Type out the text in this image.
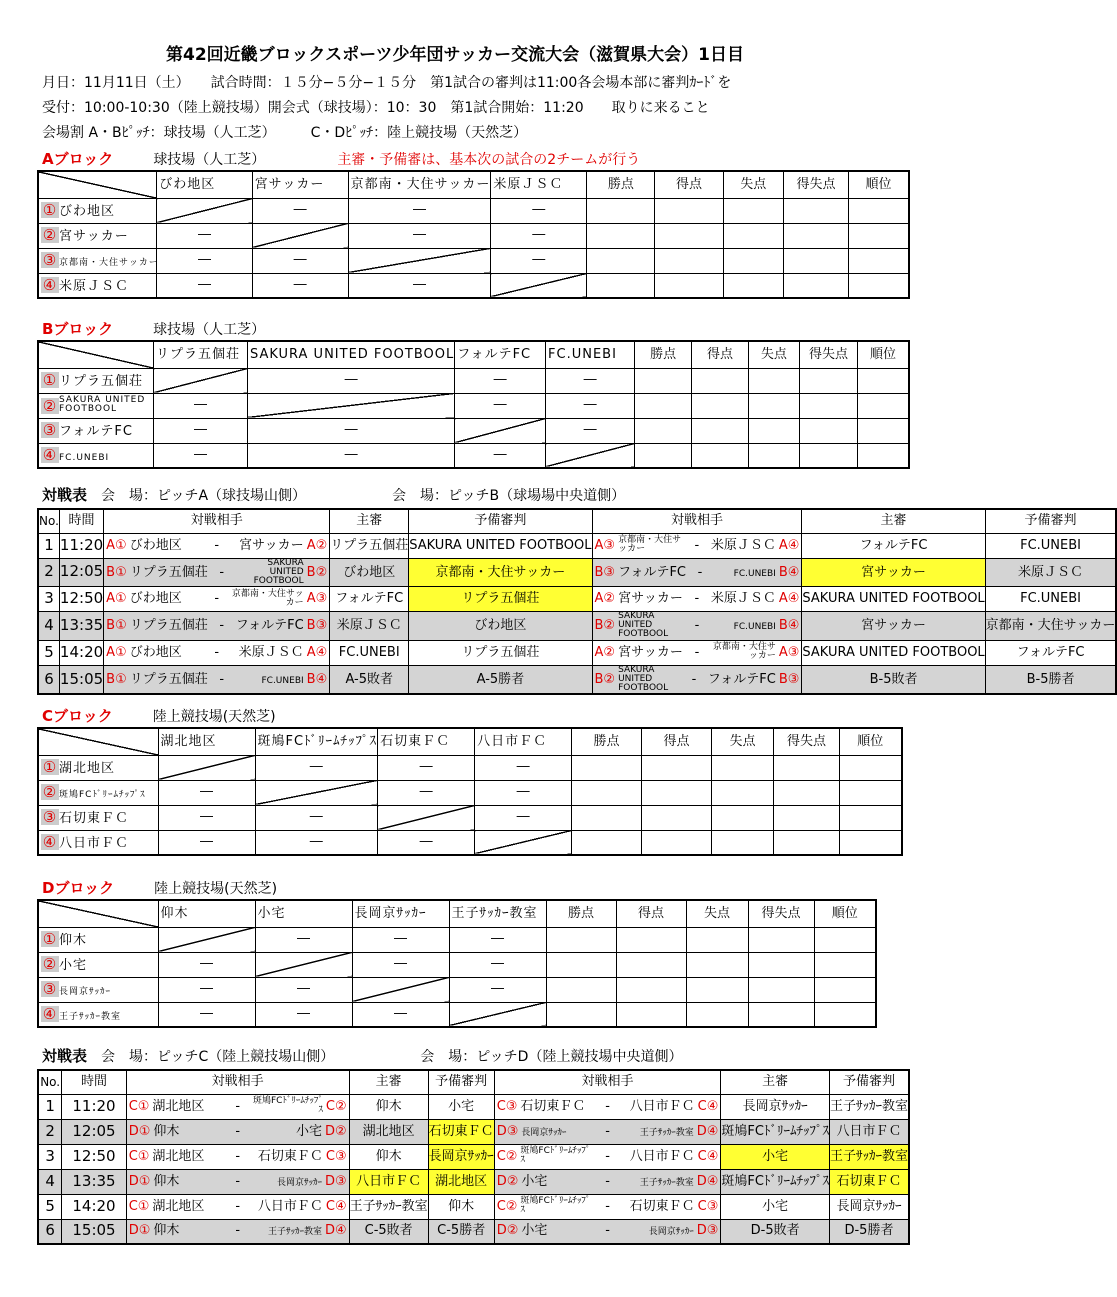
第42回近畿ブロックスポーツ少年団サッカー交流大会（滋賀県大会）1日目
月日：11月11日（土）　　試合時間：１５分−５分−１５分　第1試合の審判は11:00各会場本部に審判ｶｰﾄﾞを
受付：10:00-10:30（陸上競技場）開会式（球技場）：10：30　第1試合開始：11:20　　取りに来ること
会場割 A・Bﾋﾟｯﾁ：球技場（人工芝）　　　C・Dﾋﾟｯﾁ：陸上競技場（天然芝）
Aブロック	球技場（人工芝）	主審・予備審は、基本次の試合の2チームが行う
	びわ地区	宮サッカー	京都南・大住サッカー	米原ＪＳＣ	勝点	得点	失点	得失点	順位
① びわ地区		―	―	―					
② 宮サッカー	―		―	―					
③ 京都南・大住サッカー	―	―		―					
④ 米原ＪＳＣ	―	―	―						
Bブロック	球技場（人工芝）
	リプラ五個荘	SAKURA UNITED FOOTBOOL	フォルテFC	FC.UNEBI	勝点	得点	失点	得失点	順位
① リプラ五個荘		―	―	―					
② SAKURA UNITED FOOTBOOL	―		―	―					
③ フォルテFC	―	―		―					
④ FC.UNEBI	―	―	―						
Cブロック	陸上競技場(天然芝)
	湖北地区	斑鳩FCﾄﾞﾘｰﾑﾁｯﾌﾟｽ	石切東ＦＣ	八日市ＦＣ	勝点	得点	失点	得失点	順位
① 湖北地区		―	―	―					
② 斑鳩FCﾄﾞﾘｰﾑﾁｯﾌﾟｽ	―		―	―					
③ 石切東ＦＣ	―	―		―					
④ 八日市ＦＣ	―	―	―						
Dブロック	陸上競技場(天然芝)
	仰木	小宅	長岡京ｻｯｶｰ	王子ｻｯｶｰ教室	勝点	得点	失点	得失点	順位
① 仰木		―	―	―					
② 小宅	―		―	―					
③ 長岡京ｻｯｶｰ	―	―		―					
④ 王子ｻｯｶｰ教室	―	―	―						
対戦表 会　場：ピッチA（球技場山側）	会　場：ピッチB（球場場中央道側）
No.	時間	対戦相手	主審	予備審判	対戦相手	主審	予備審判
1	11:20	A① びわ地区 - 宮サッカー A②	リプラ五個荘	SAKURA UNITED FOOTBOOL	A③ 京都南・大住サッカー - 米原ＪＳＣ A④	フォルテFC	FC.UNEBI
2	12:05	B① リプラ五個荘 -
SAKURA UNITED FOOTBOOL
B②	びわ地区	京都南・大住サッカー	B③ フォルテFC - FC.UNEBI B④	宮サッカー	米原ＪＳＣ
3	12:50	A① びわ地区 - 京都南・大住サッカー A③	フォルテFC	リプラ五個荘	A② 宮サッカー - 米原ＪＳＣ A④	SAKURA UNITED FOOTBOOL	FC.UNEBI
4	13:35	B① リプラ五個荘 - フォルテFC B③	米原ＪＳＣ	びわ地区	B②
SAKURA UNITED FOOTBOOL
- FC.UNEBI B④	宮サッカー	京都南・大住サッカー
5	14:20	A① びわ地区 - 米原ＪＳＣ A④	FC.UNEBI	リプラ五個荘	A② 宮サッカー - 京都南・大住サッカー A③	SAKURA UNITED FOOTBOOL	フォルテFC
6	15:05	B① リプラ五個荘 - FC.UNEBI B④	A-5敗者	A-5勝者	B②
SAKURA UNITED FOOTBOOL
- フォルテFC B③	B-5敗者	B-5勝者
対戦表 会　場：ピッチC（陸上競技場山側）	会　場：ピッチD（陸上競技場中央道側）
No.	時間	対戦相手	主審	予備審判	対戦相手	主審	予備審判
1	11:20	C① 湖北地区 - 斑鳩FCﾄﾞﾘｰﾑﾁｯﾌﾟｽ C②	仰木	小宅	C③ 石切東ＦＣ - 八日市ＦＣ C④	長岡京ｻｯｶｰ	王子ｻｯｶｰ教室
2	12:05	D① 仰木 - 小宅 D②	湖北地区	石切東ＦＣ	D③ 長岡京ｻｯｶｰ - 王子ｻｯｶｰ教室 D④	斑鳩FCﾄﾞﾘｰﾑﾁｯﾌﾟｽ	八日市ＦＣ
3	12:50	C① 湖北地区 - 石切東ＦＣ C③	仰木	長岡京ｻｯｶｰ	C② 斑鳩FCﾄﾞﾘｰﾑﾁｯﾌﾟｽ - 八日市ＦＣ C④	小宅	王子ｻｯｶｰ教室
4	13:35	D① 仰木 - 長岡京ｻｯｶｰ D③	八日市ＦＣ	湖北地区	D② 小宅 - 王子ｻｯｶｰ教室 D④	斑鳩FCﾄﾞﾘｰﾑﾁｯﾌﾟｽ	石切東ＦＣ
5	14:20	C① 湖北地区 - 八日市ＦＣ C④	王子ｻｯｶｰ教室	仰木	C② 斑鳩FCﾄﾞﾘｰﾑﾁｯﾌﾟｽ - 石切東ＦＣ C③	小宅	長岡京ｻｯｶｰ
6	15:05	D① 仰木 - 王子ｻｯｶｰ教室 D④	C-5敗者	C-5勝者	D② 小宅 - 長岡京ｻｯｶｰ D③	D-5敗者	D-5勝者
